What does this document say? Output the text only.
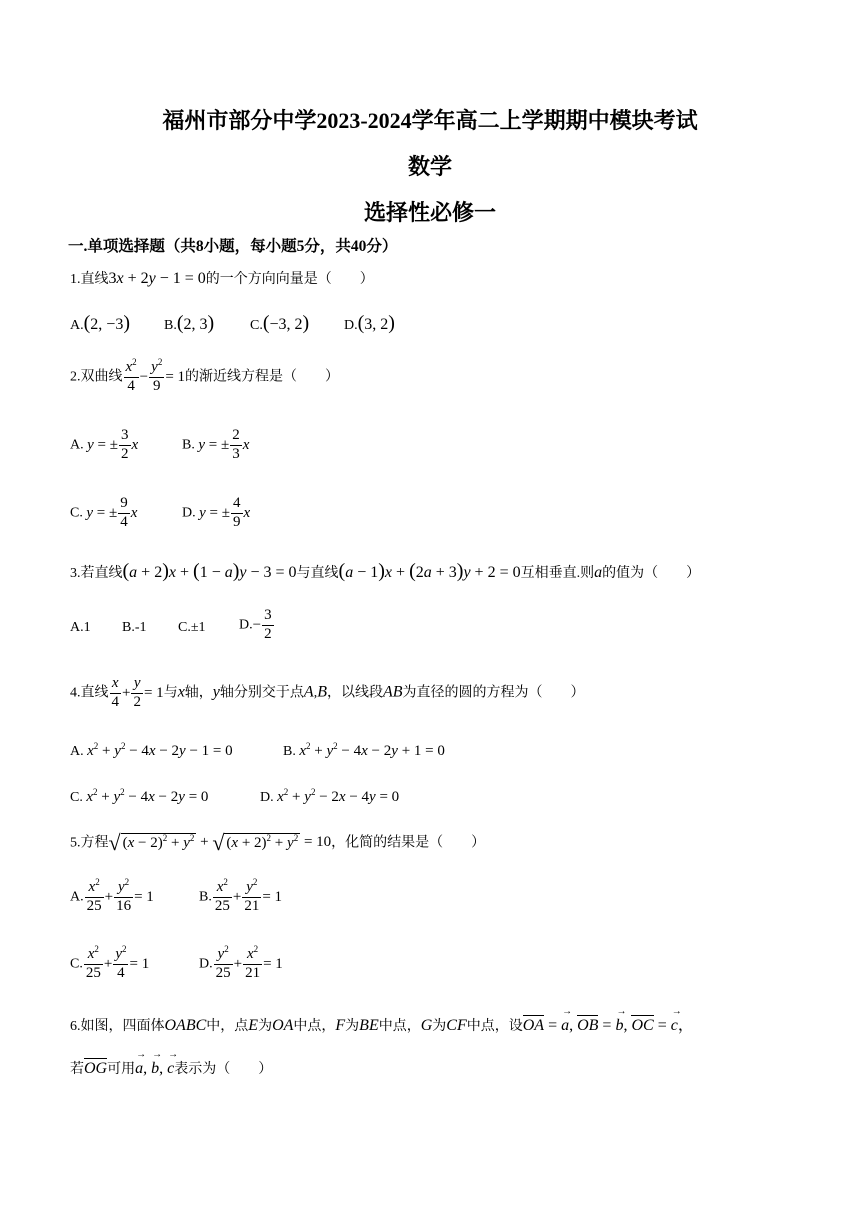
福州市部分中学2023-2024学年高二上学期期中模块考试
数学
选择性必修一
一.单项选择题（共8小题，每小题5分，共40分）
1.直线3x + 2y − 1 = 0的一个方向向量是（　　）
A.(2, −3) B.(2, 3)	C.(−3, 2) D.(3, 2)
2.双曲线 $\frac{x^2}{4} - \frac{y^2}{9} = 1$的渐近线方程是（　　）
A. y = ± $\frac{3}{2}$ x	B. y = ± $\frac{2}{3}$ x
C. y = ± $\frac{9}{4}$ x	D. y = ± $\frac{4}{9}$ x
3.若直线(a + 2)x + (1 − a)y − 3 = 0与直线(a − 1)x + (2a + 3)y + 2 = 0互相垂直.则a的值为（　　）
A.1 B.-1 C.±1 $D.- \frac{3}{2}$
4.直线 $\frac{x}{4} + \frac{y}{2} = 1$与x轴，y轴分别交于点A,B，以线段AB为直径的圆的方程为（　　）
A. $x^2 + y^2 - 4x - 2y - 1 = 0$	B. $x^2 + y^2 - 4x - 2y + 1 = 0$
C. $x^2 + y^2 - 4x - 2y = 0$	D. $x^2 + y^2 - 2x - 4y = 0$
5.方程√ $(x - 2)^2 + y^2$ + √ $(x + 2)^2 + y^2 = 10$，化简的结果是（　　）
A. $\frac{x^2}{25} + \frac{y^2}{16} = 1$	B. $\frac{x^2}{25} + \frac{y^2}{21} = 1$
C. $\frac{x^2}{25} + \frac{y^2}{4} = 1$	D. $\frac{y^2}{25} + \frac{x^2}{21} = 1$
6.如图，四面体OABC中，点E为OA中点，F为BE中点，G为CF中点，设OA = → a, OB = → b, OC = → c，
若OG可用→ a, → b, → c表示为（　　）
